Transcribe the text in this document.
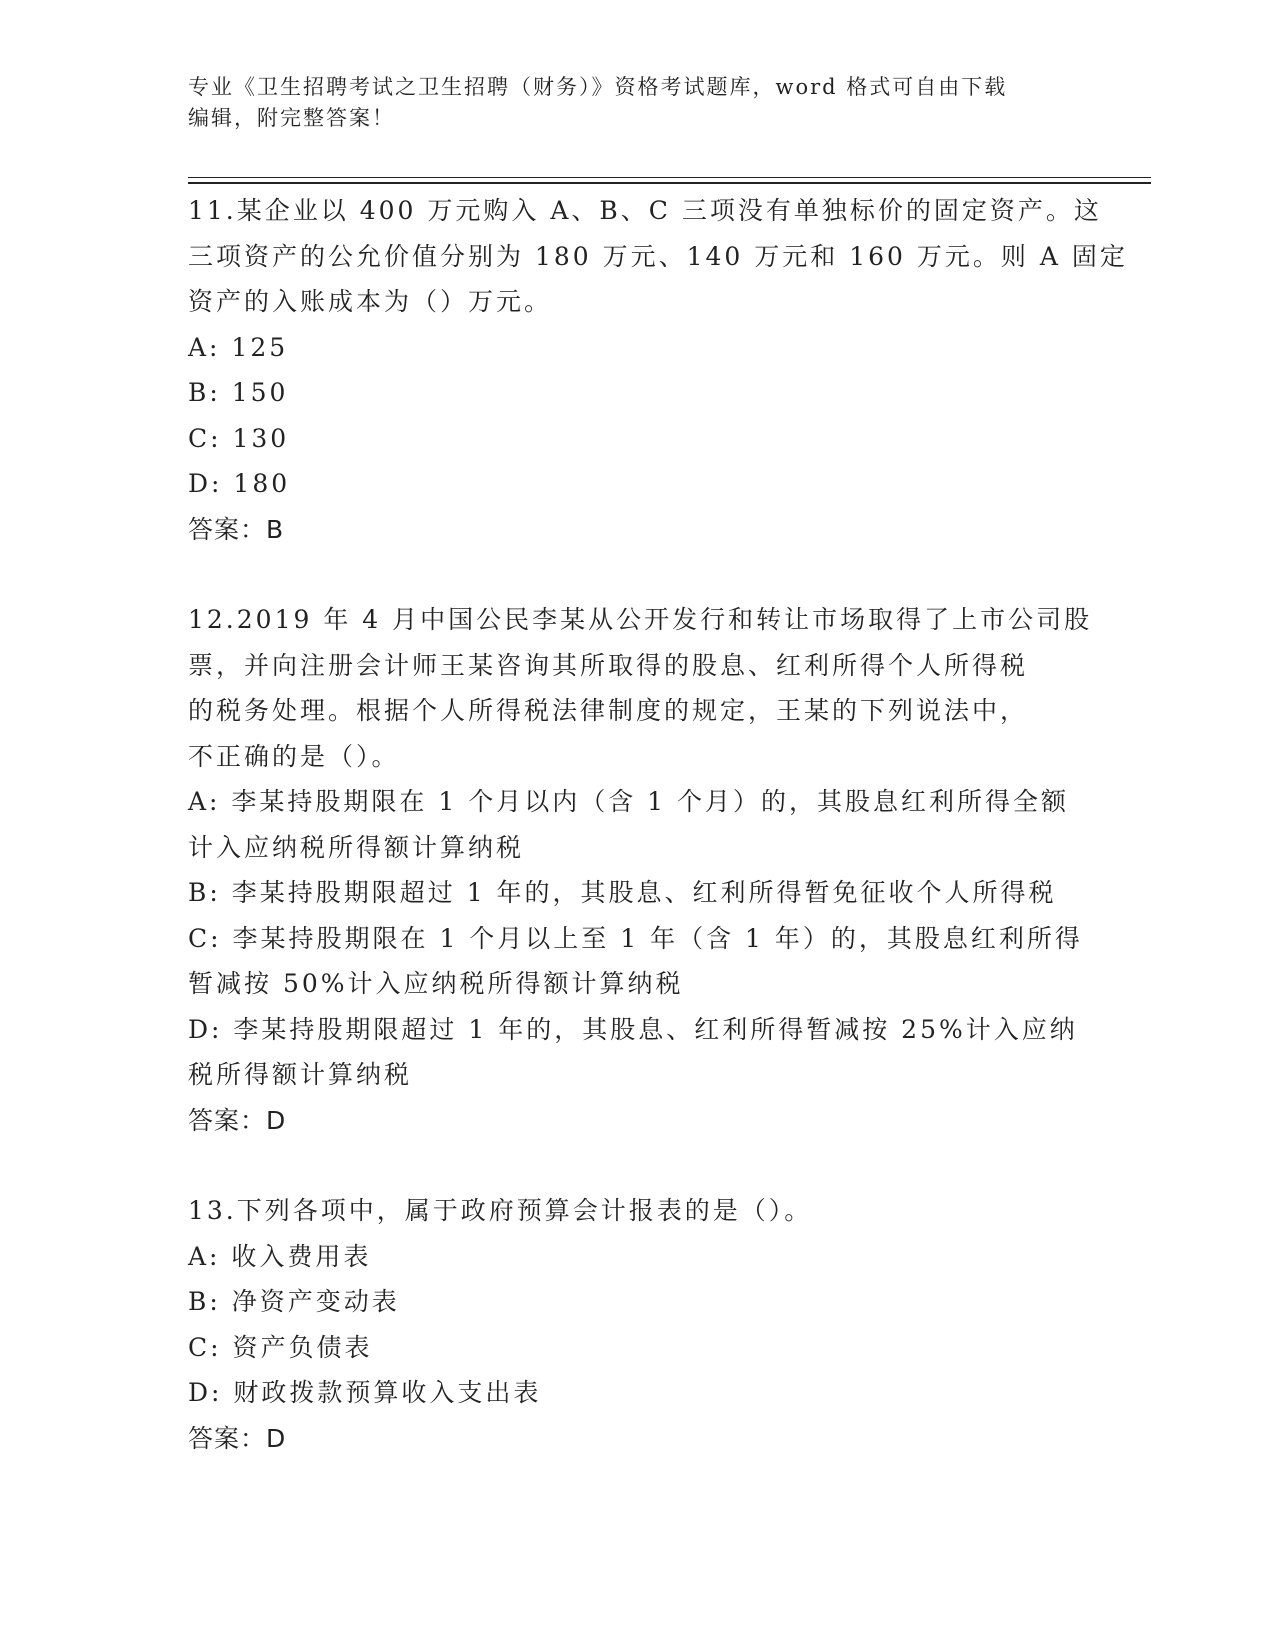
专业《卫生招聘考试之卫生招聘（财务）》资格考试题库，word 格式可自由下载
编辑，附完整答案！
11.某企业以 400 万元购入 A、B、C 三项没有单独标价的固定资产。这
三项资产的公允价值分别为 180 万元、140 万元和 160 万元。则 A 固定
资产的入账成本为（）万元。
A: 125
B: 150
C: 130
D: 180
答案：B
12.2019 年 4 月中国公民李某从公开发行和转让市场取得了上市公司股
票，并向注册会计师王某咨询其所取得的股息、红利所得个人所得税
的税务处理。根据个人所得税法律制度的规定，王某的下列说法中，
不正确的是（）。
A: 李某持股期限在 1 个月以内（含 1 个月）的，其股息红利所得全额
计入应纳税所得额计算纳税
B: 李某持股期限超过 1 年的，其股息、红利所得暂免征收个人所得税
C: 李某持股期限在 1 个月以上至 1 年（含 1 年）的，其股息红利所得
暂减按 50%计入应纳税所得额计算纳税
D: 李某持股期限超过 1 年的，其股息、红利所得暂减按 25%计入应纳
税所得额计算纳税
答案：D
13.下列各项中，属于政府预算会计报表的是（）。
A: 收入费用表
B: 净资产变动表
C: 资产负债表
D: 财政拨款预算收入支出表
答案：D
